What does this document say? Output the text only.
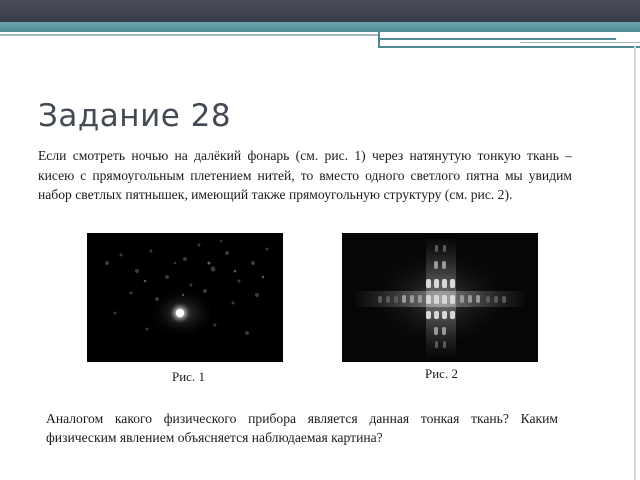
Задание 28
Если смотреть ночью на далёкий фонарь (см. рис. 1) через натянутую тонкую ткань – кисею с прямоугольным плетением нитей, то вместо одного светлого пятна мы увидим набор светлых пятнышек, имеющий также прямоугольную структуру (см. рис. 2).
Рис. 1	Рис. 2
Аналогом какого физического прибора является данная тонкая ткань? Каким физическим явлением объясняется наблюдаемая картина?
